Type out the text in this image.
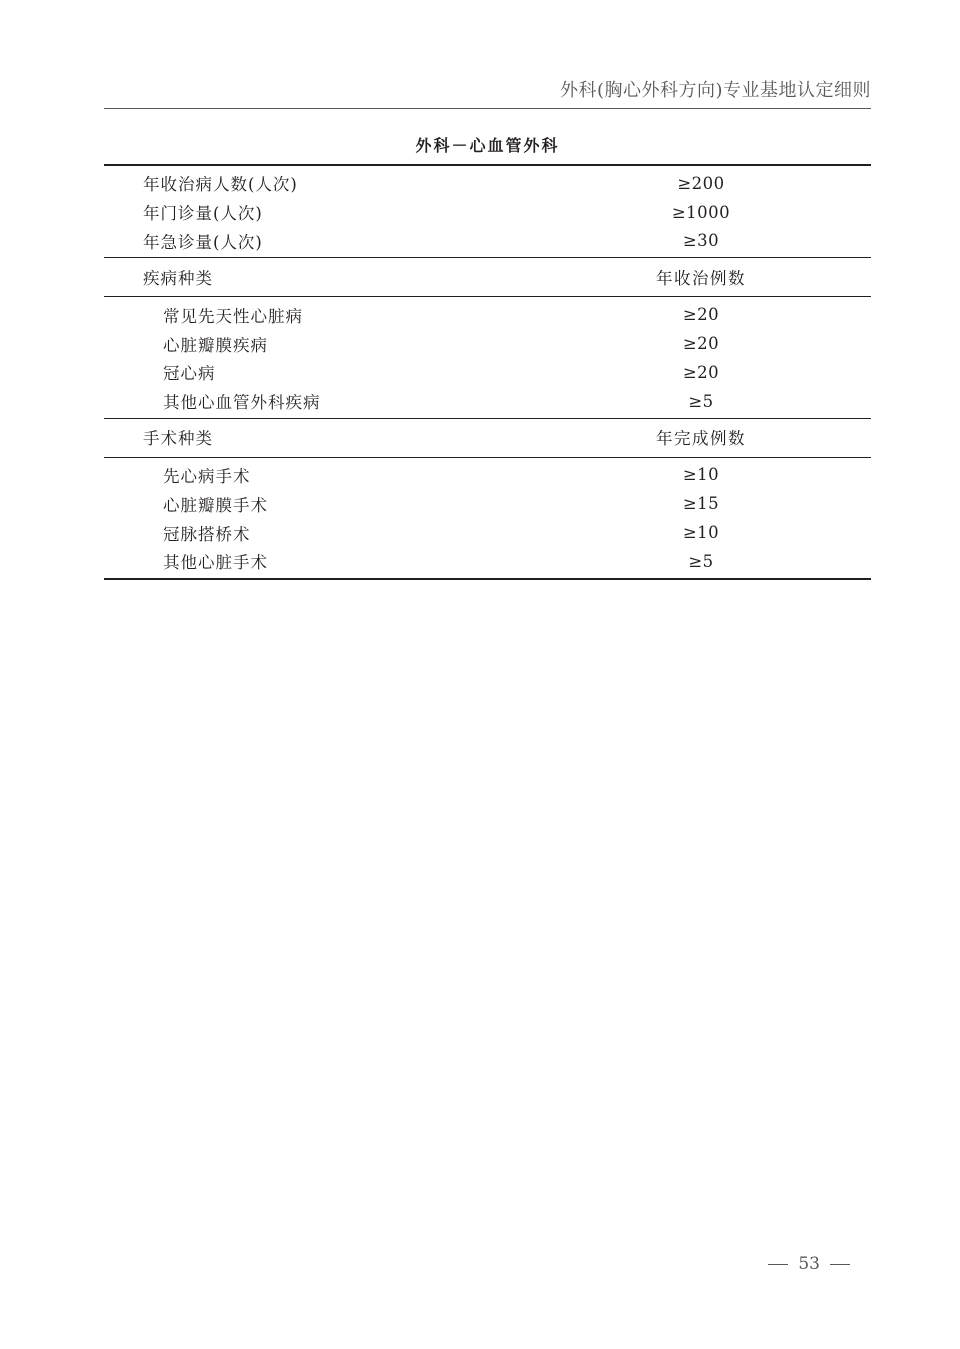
外科(胸心外科方向)专业基地认定细则
外科－心血管外科
年收治病人数(人次)	≥200
年门诊量(人次)	≥1000
年急诊量(人次)	≥30
疾病种类	年收治例数
常见先天性心脏病	≥20
心脏瓣膜疾病	≥20
冠心病	≥20
其他心血管外科疾病	≥5
手术种类	年完成例数
先心病手术	≥10
心脏瓣膜手术	≥15
冠脉搭桥术	≥10
其他心脏手术	≥5
53
